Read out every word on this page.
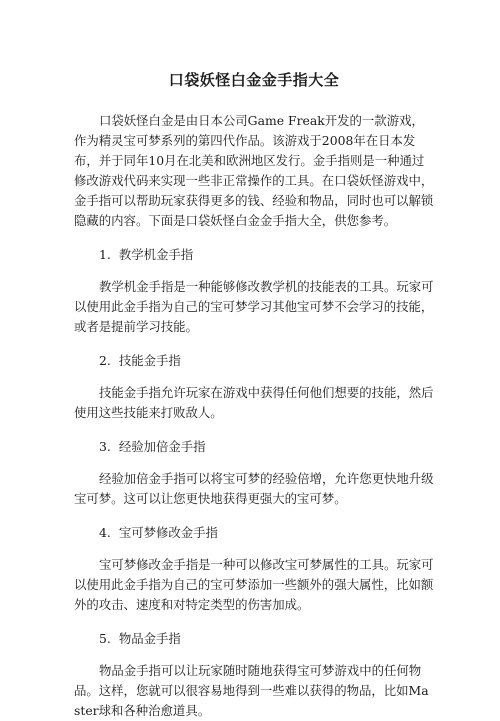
口袋妖怪白金金手指大全

口袋妖怪白金是由日本公司Game Freak开发的一款游戏，作为精灵宝可梦系列的第四代作品。该游戏于2008年在日本发布，并于同年10月在北美和欧洲地区发行。金手指则是一种通过修改游戏代码来实现一些非正常操作的工具。在口袋妖怪游戏中，金手指可以帮助玩家获得更多的钱、经验和物品，同时也可以解锁隐藏的内容。下面是口袋妖怪白金金手指大全，供您参考。

1. 教学机金手指

教学机金手指是一种能够修改教学机的技能表的工具。玩家可以使用此金手指为自己的宝可梦学习其他宝可梦不会学习的技能，或者是提前学习技能。

2. 技能金手指

技能金手指允许玩家在游戏中获得任何他们想要的技能，然后使用这些技能来打败敌人。

3. 经验加倍金手指

经验加倍金手指可以将宝可梦的经验倍增，允许您更快地升级宝可梦。这可以让您更快地获得更强大的宝可梦。

4. 宝可梦修改金手指

宝可梦修改金手指是一种可以修改宝可梦属性的工具。玩家可以使用此金手指为自己的宝可梦添加一些额外的强大属性，比如额外的攻击、速度和对特定类型的伤害加成。

5. 物品金手指

物品金手指可以让玩家随时随地获得宝可梦游戏中的任何物品。这样，您就可以很容易地得到一些难以获得的物品，比如Master球和各种治愈道具。
